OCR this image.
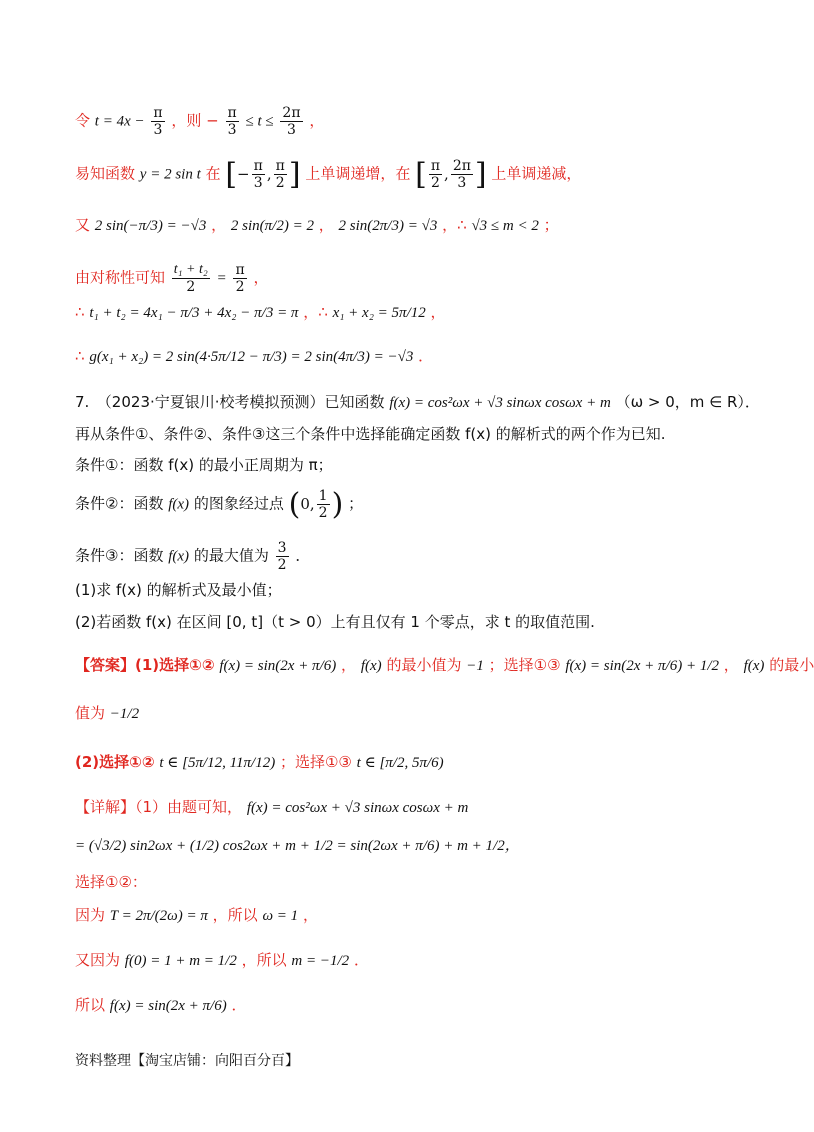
令 $t = 4x - \frac{\pi}{3}$ ，则 − $\frac{\pi}{3} \le t \le \frac{2\pi}{3}$ ，
易知函数 y = 2 sin t 在 [− $\frac{\pi}{3}$ , $\frac{\pi}{2}$ ] 上单调递增，在 [ $\frac{\pi}{2}$ , $\frac{2\pi}{3}$ ] 上单调递减，
又 2 sin(−π/3) = −√3 ， 2 sin(π/2) = 2 ， 2 sin(2π/3) = √3 ，∴ √3 ≤ m < 2 ；
由对称性可知 $\frac{\text{t₁ + t₂}}{2} = \frac{\pi}{2}$ ，
∴ t₁ + t₂ = 4x₁ − π/3 + 4x₂ − π/3 = π ，∴ x₁ + x₂ = 5π/12 ，
∴ g(x₁ + x₂) = 2 sin(4·5π/12 − π/3) = 2 sin(4π/3) = −√3 ．
7.　（2023·宁夏银川·校考模拟预测）已知函数 f(x) = cos²ωx + √3 sinωx cosωx + m （ω > 0，m ∈ R）．
再从条件①、条件②、条件③这三个条件中选择能确定函数 f(x) 的解析式的两个作为已知.
条件①：函数 f(x) 的最小正周期为 π；
条件②：函数 f(x) 的图象经过点 (0, $\frac{1}{2}$ ) ；
条件③：函数 f(x) 的最大值为 $\frac{3}{2}$ ．
(1)求 f(x) 的解析式及最小值；
(2)若函数 f(x) 在区间 [0, t]（t > 0）上有且仅有 1 个零点，求 t 的取值范围.
【答案】(1)选择①② f(x) = sin(2x + π/6) ， f(x) 的最小值为 −1 ；选择①③ f(x) = sin(2x + π/6) + 1/2 ， f(x) 的最小
值为 −1/2
(2)选择①② t ∈ [5π/12, 11π/12) ；选择①③ t ∈ [π/2, 5π/6)
【详解】（1）由题可知， f(x) = cos²ωx + √3 sinωx cosωx + m
= (√3/2) sin2ωx + (1/2) cos2ωx + m + 1/2 = sin(2ωx + π/6) + m + 1/2，
选择①②：
因为 T = 2π/(2ω) = π ，所以 ω = 1 ，
又因为 f(0) = 1 + m = 1/2 ，所以 m = −1/2 ．
所以 f(x) = sin(2x + π/6) ．
资料整理【淘宝店铺：向阳百分百】
